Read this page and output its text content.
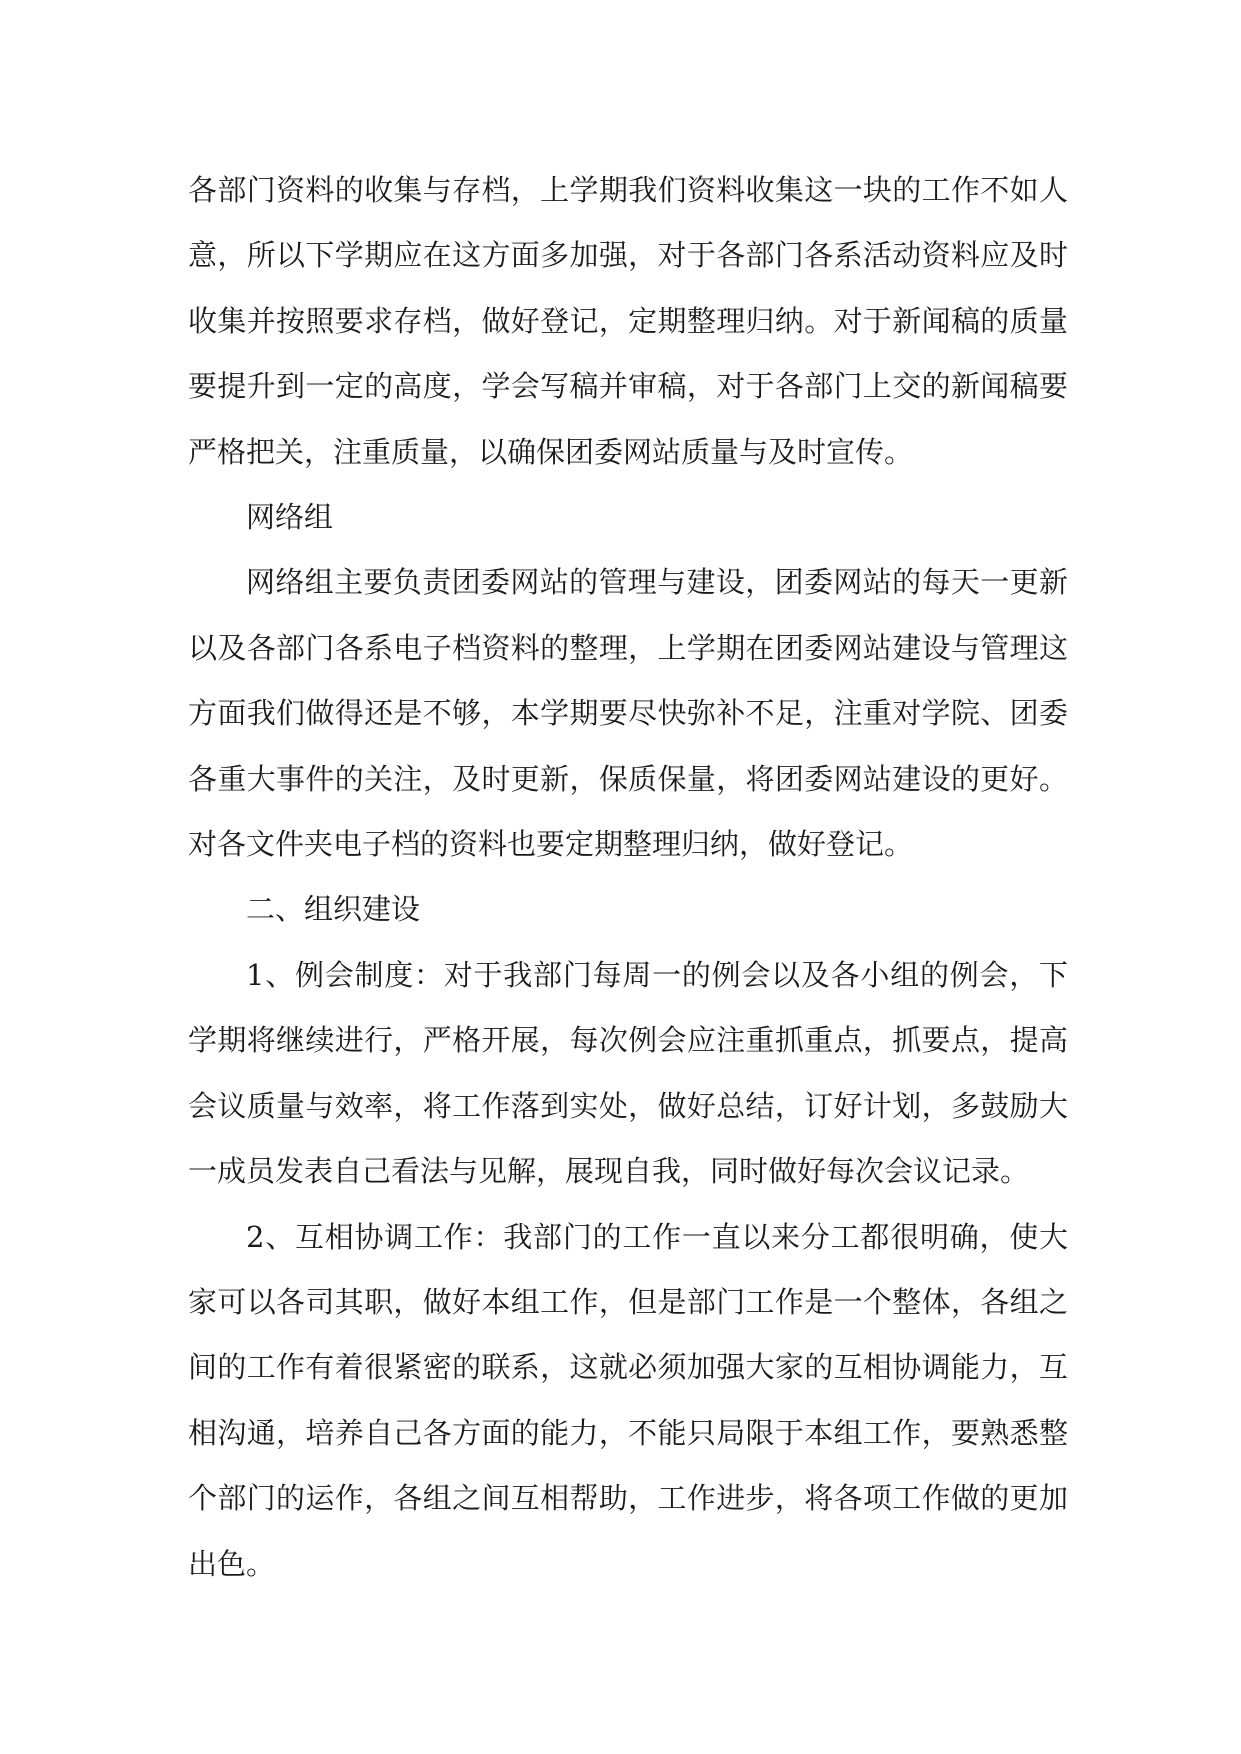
各部门资料的收集与存档，上学期我们资料收集这一块的工作不如人意，所以下学期应在这方面多加强，对于各部门各系活动资料应及时收集并按照要求存档，做好登记，定期整理归纳。对于新闻稿的质量要提升到一定的高度，学会写稿并审稿，对于各部门上交的新闻稿要严格把关，注重质量，以确保团委网站质量与及时宣传。

网络组

网络组主要负责团委网站的管理与建设，团委网站的每天一更新以及各部门各系电子档资料的整理，上学期在团委网站建设与管理这方面我们做得还是不够，本学期要尽快弥补不足，注重对学院、团委各重大事件的关注，及时更新，保质保量，将团委网站建设的更好。对各文件夹电子档的资料也要定期整理归纳，做好登记。

二、组织建设

1、例会制度：对于我部门每周一的例会以及各小组的例会，下学期将继续进行，严格开展，每次例会应注重抓重点，抓要点，提高会议质量与效率，将工作落到实处，做好总结，订好计划，多鼓励大一成员发表自己看法与见解，展现自我，同时做好每次会议记录。

2、互相协调工作：我部门的工作一直以来分工都很明确，使大家可以各司其职，做好本组工作，但是部门工作是一个整体，各组之间的工作有着很紧密的联系，这就必须加强大家的互相协调能力，互相沟通，培养自己各方面的能力，不能只局限于本组工作，要熟悉整个部门的运作，各组之间互相帮助，工作进步，将各项工作做的更加出色。
